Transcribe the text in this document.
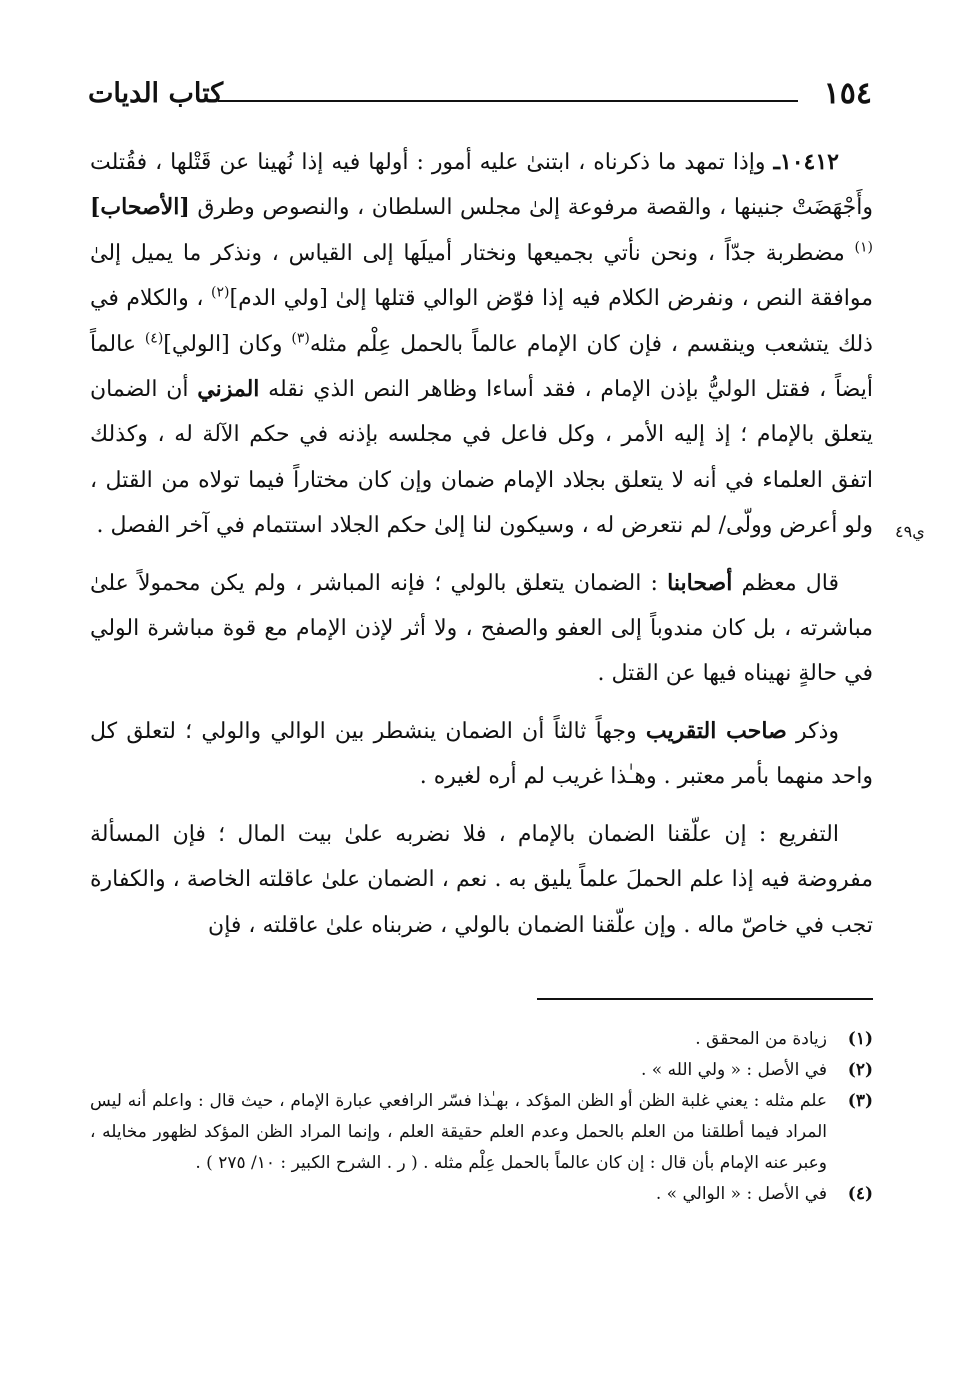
١٥٤
كتاب الديات
ي٤٩

١٠٤١٢ـ وإذا تمهد ما ذكرناه ، ابتنىٰ عليه أمور : أولها فيه إذا نُهينا عن قَتْلها ، فقُتلت وأَجْهَضَتْ جنينها ، والقصة مرفوعة إلىٰ مجلس السلطان ، والنصوص وطرق [الأصحاب]$^{(١)}$ مضطربة جدّاً ، ونحن نأتي بجميعها ونختار أميلَها إلى القياس ، ونذكر ما يميل إلىٰ موافقة النص ، ونفرض الكلام فيه إذا فوّض الوالي قتلها إلىٰ [ولي الدم]$^{(٢)}$ ، والكلام في ذلك يتشعب وينقسم ، فإن كان الإمام عالماً بالحمل عِلْم مثله$^{(٣)}$ وكان [الولي]$^{(٤)}$ عالماً أيضاً ، فقتل الوليُّ بإذن الإمام ، فقد أساءا وظاهر النص الذي نقله المزني أن الضمان يتعلق بالإمام ؛ إذ إليه الأمر ، وكل فاعل في مجلسه بإذنه في حكم الآلة له ، وكذلك اتفق العلماء في أنه لا يتعلق بجلاد الإمام ضمان وإن كان مختاراً فيما تولاه من القتل ، ولو أعرض وولّى/ لم نتعرض له ، وسيكون لنا إلىٰ حكم الجلاد استتمام في آخر الفصل .

قال معظم أصحابنا : الضمان يتعلق بالولي ؛ فإنه المباشر ، ولم يكن محمولاً علىٰ مباشرته ، بل كان مندوباً إلى العفو والصفح ، ولا أثر لإذن الإمام مع قوة مباشرة الولي في حالةٍ نهيناه فيها عن القتل .

وذكر صاحب التقريب وجهاً ثالثاً أن الضمان ينشطر بين الوالي والولي ؛ لتعلق كل واحد منهما بأمر معتبر . وهـٰذا غريب لم أره لغيره .

التفريع : إن علّقنا الضمان بالإمام ، فلا نضربه علىٰ بيت المال ؛ فإن المسألة مفروضة فيه إذا علم الحملَ علماً يليق به . نعم ، الضمان علىٰ عاقلته الخاصة ، والكفارة تجب في خاصّ ماله . وإن علّقنا الضمان بالولي ، ضربناه علىٰ عاقلته ، فإن

(١)
زيادة من المحقق .
(٢)
في الأصل : « ولي الله » .
(٣)
علم مثله : يعني غلبة الظن أو الظن المؤكد ، بهـٰذا فسّر الرافعي عبارة الإمام ، حيث قال : واعلم أنه ليس المراد فيما أطلقنا من العلم بالحمل وعدم العلم حقيقة العلم ، وإنما المراد الظن المؤكد لظهور مخايله ، وعبر عنه الإمام بأن قال : إن كان عالماً بالحمل عِلْم مثله . ( ر . الشرح الكبير : ١٠/ ٢٧٥ ) .
(٤)
في الأصل : « الوالي » .
